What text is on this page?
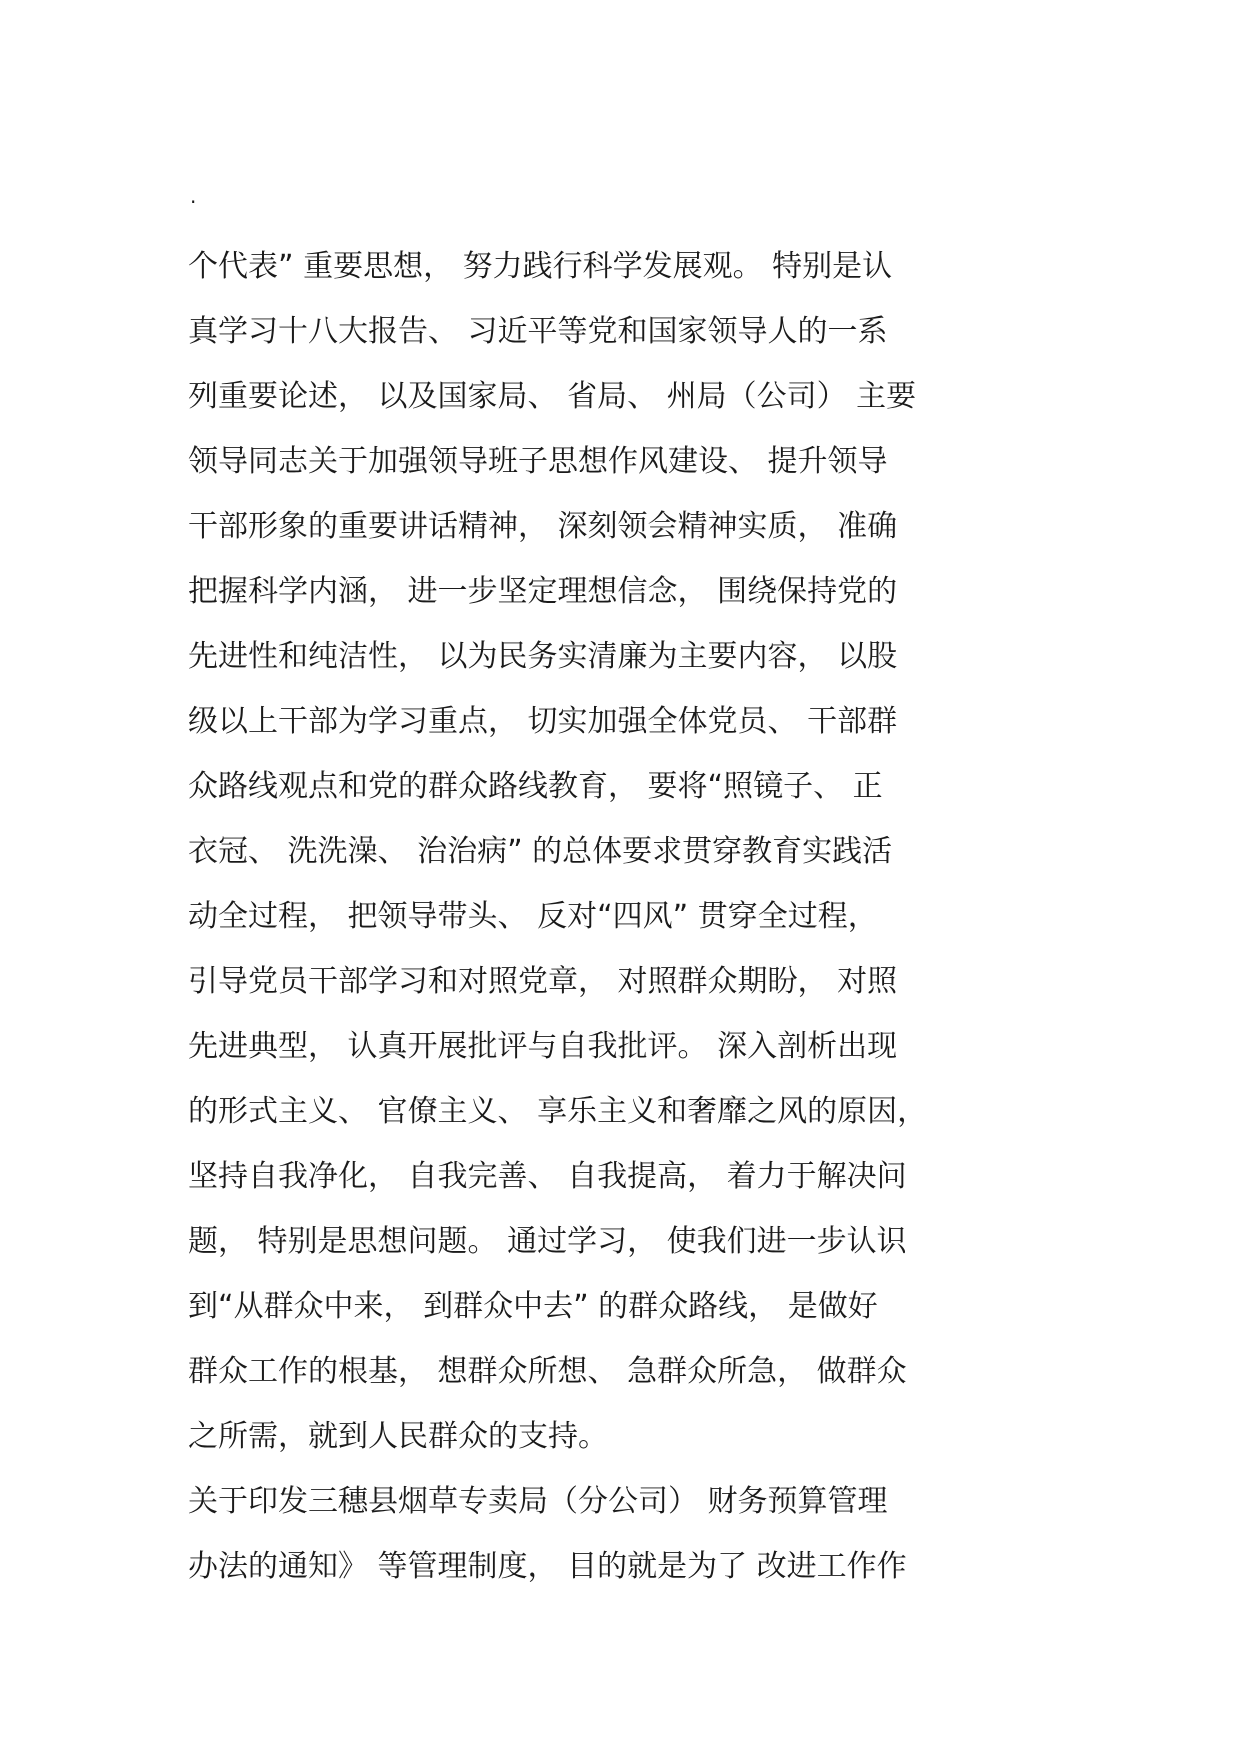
.
个代表” 重要思想， 努力践行科学发展观。 特别是认
真学习十八大报告、 习近平等党和国家领导人的一系
列重要论述， 以及国家局、 省局、 州局（公司） 主要
领导同志关于加强领导班子思想作风建设、 提升领导
干部形象的重要讲话精神， 深刻领会精神实质， 准确
把握科学内涵， 进一步坚定理想信念， 围绕保持党的
先进性和纯洁性， 以为民务实清廉为主要内容， 以股
级以上干部为学习重点， 切实加强全体党员、 干部群
众路线观点和党的群众路线教育， 要将“照镜子、 正
衣冠、 洗洗澡、 治治病” 的总体要求贯穿教育实践活
动全过程， 把领导带头、 反对“四风” 贯穿全过程，
引导党员干部学习和对照党章， 对照群众期盼， 对照
先进典型， 认真开展批评与自我批评。 深入剖析出现
的形式主义、 官僚主义、 享乐主义和奢靡之风的原因，
坚持自我净化， 自我完善、 自我提高， 着力于解决问
题， 特别是思想问题。 通过学习， 使我们进一步认识
到“从群众中来， 到群众中去” 的群众路线， 是做好
群众工作的根基， 想群众所想、 急群众所急， 做群众
之所需，就到人民群众的支持。
关于印发三穗县烟草专卖局（分公司） 财务预算管理
办法的通知》 等管理制度， 目的就是为了 改进工作作
